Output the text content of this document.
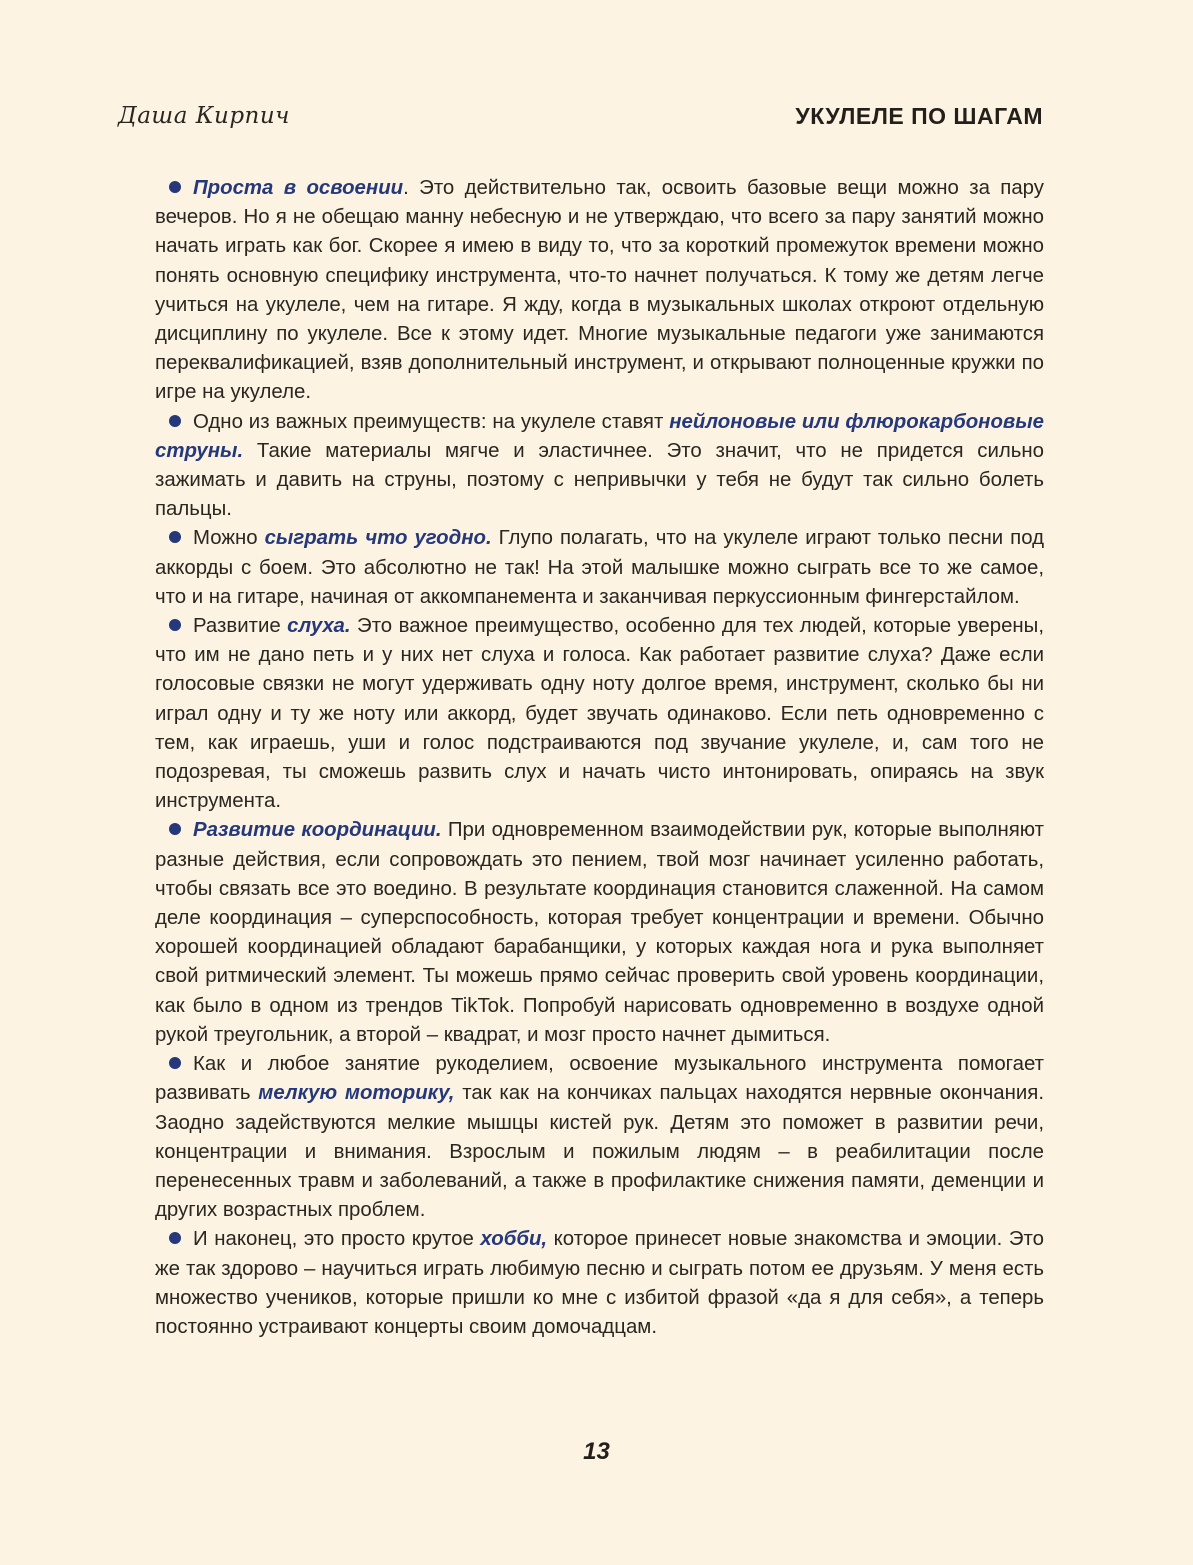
Даша Кирпич	УКУЛЕЛЕ ПО ШАГАМ

Проста в освоении. Это действительно так, освоить базовые вещи можно за пару вечеров. Но я не обещаю манну небесную и не утверждаю, что всего за пару занятий можно начать играть как бог. Скорее я имею в виду то, что за короткий промежуток времени можно понять основную специфику инструмента, что-то начнет получаться. К тому же детям легче учиться на укулеле, чем на гитаре. Я жду, когда в музыкальных школах откроют отдельную дисциплину по укулеле. Все к этому идет. Многие музыкальные педагоги уже занимаются переквалификацией, взяв дополнительный инструмент, и открывают полноценные кружки по игре на укулеле.

Одно из важных преимуществ: на укулеле ставят нейлоновые или флюрокарбоновые струны. Такие материалы мягче и эластичнее. Это значит, что не придется сильно зажимать и давить на струны, поэтому с непривычки у тебя не будут так сильно болеть пальцы.

Можно сыграть что угодно. Глупо полагать, что на укулеле играют только песни под аккорды с боем. Это абсолютно не так! На этой малышке можно сыграть все то же самое, что и на гитаре, начиная от аккомпанемента и заканчивая перкуссионным фингерстайлом.

Развитие слуха. Это важное преимущество, особенно для тех людей, которые уверены, что им не дано петь и у них нет слуха и голоса. Как работает развитие слуха? Даже если голосовые связки не могут удерживать одну ноту долгое время, инструмент, сколько бы ни играл одну и ту же ноту или аккорд, будет звучать одинаково. Если петь одновременно с тем, как играешь, уши и голос подстраиваются под звучание укулеле, и, сам того не подозревая, ты сможешь развить слух и начать чисто интонировать, опираясь на звук инструмента.

Развитие координации. При одновременном взаимодействии рук, которые выполняют разные действия, если сопровождать это пением, твой мозг начинает усиленно работать, чтобы связать все это воедино. В результате координация становится слаженной. На самом деле координация – суперспособность, которая требует концентрации и времени. Обычно хорошей координацией обладают барабанщики, у которых каждая нога и рука выполняет свой ритмический элемент. Ты можешь прямо сейчас проверить свой уровень координации, как было в одном из трендов TikTok. Попробуй нарисовать одновременно в воздухе одной рукой треугольник, а второй – квадрат, и мозг просто начнет дымиться.

Как и любое занятие рукоделием, освоение музыкального инструмента помогает развивать мелкую моторику, так как на кончиках пальцах находятся нервные окончания. Заодно задействуются мелкие мышцы кистей рук. Детям это поможет в развитии речи, концентрации и внимания. Взрослым и пожилым людям – в реабилитации после перенесенных травм и заболеваний, а также в профилактике снижения памяти, деменции и других возрастных проблем.

И наконец, это просто крутое хобби, которое принесет новые знакомства и эмоции. Это же так здорово – научиться играть любимую песню и сыграть потом ее друзьям. У меня есть множество учеников, которые пришли ко мне с избитой фразой «да я для себя», а теперь постоянно устраивают концерты своим домочадцам.

13
